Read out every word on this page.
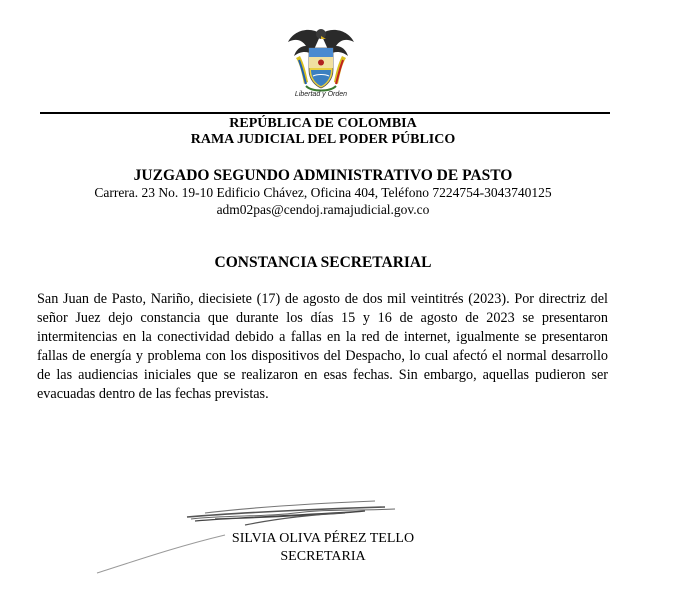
Libertad y Orden
REPÚBLICA DE COLOMBIA
RAMA JUDICIAL DEL PODER PÚBLICO
JUZGADO SEGUNDO ADMINISTRATIVO DE PASTO
Carrera. 23 No. 19-10 Edificio Chávez, Oficina 404, Teléfono 7224754-3043740125
adm02pas@cendoj.ramajudicial.gov.co
CONSTANCIA SECRETARIAL
San Juan de Pasto, Nariño, diecisiete (17) de agosto de dos mil veintitrés (2023). Por directriz del señor Juez dejo constancia que durante los días 15 y 16 de agosto de 2023 se presentaron intermitencias en la conectividad debido a fallas en la red de internet, igualmente se presentaron fallas de energía y problema con los dispositivos del Despacho, lo cual afectó el normal desarrollo de las audiencias iniciales que se realizaron en esas fechas. Sin embargo, aquellas pudieron ser evacuadas dentro de las fechas previstas.
SILVIA OLIVA PÉREZ TELLO
SECRETARIA
